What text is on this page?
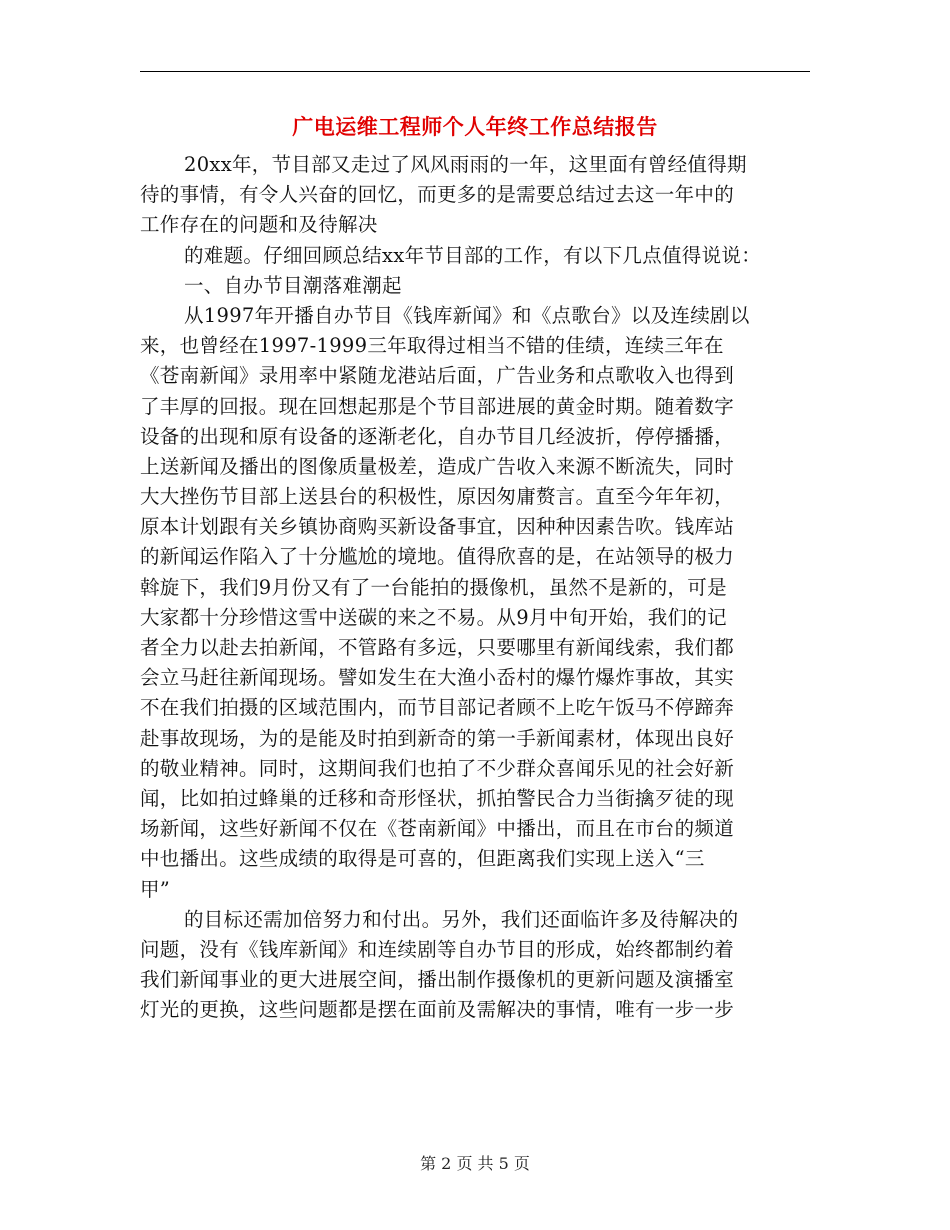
广电运维工程师个人年终工作总结报告
20xx年，节目部又走过了风风雨雨的一年，这里面有曾经值得期
待的事情，有令人兴奋的回忆，而更多的是需要总结过去这一年中的
工作存在的问题和及待解决
的难题。仔细回顾总结xx年节目部的工作，有以下几点值得说说：
一、自办节目潮落难潮起
从1997年开播自办节目《钱库新闻》和《点歌台》以及连续剧以
来，也曾经在1997-1999三年取得过相当不错的佳绩，连续三年在
《苍南新闻》录用率中紧随龙港站后面，广告业务和点歌收入也得到
了丰厚的回报。现在回想起那是个节目部进展的黄金时期。随着数字
设备的出现和原有设备的逐渐老化，自办节目几经波折，停停播播，
上送新闻及播出的图像质量极差，造成广告收入来源不断流失，同时
大大挫伤节目部上送县台的积极性，原因匆庸赘言。直至今年年初，
原本计划跟有关乡镇协商购买新设备事宜，因种种因素告吹。钱库站
的新闻运作陷入了十分尴尬的境地。值得欣喜的是，在站领导的极力
斡旋下，我们9月份又有了一台能拍的摄像机，虽然不是新的，可是
大家都十分珍惜这雪中送碳的来之不易。从9月中旬开始，我们的记
者全力以赴去拍新闻，不管路有多远，只要哪里有新闻线索，我们都
会立马赶往新闻现场。譬如发生在大渔小岙村的爆竹爆炸事故，其实
不在我们拍摄的区域范围内，而节目部记者顾不上吃午饭马不停蹄奔
赴事故现场，为的是能及时拍到新奇的第一手新闻素材，体现出良好
的敬业精神。同时，这期间我们也拍了不少群众喜闻乐见的社会好新
闻，比如拍过蜂巢的迁移和奇形怪状，抓拍警民合力当街擒歹徒的现
场新闻，这些好新闻不仅在《苍南新闻》中播出，而且在市台的频道
中也播出。这些成绩的取得是可喜的，但距离我们实现上送入“三
甲”
的目标还需加倍努力和付出。另外，我们还面临许多及待解决的
问题，没有《钱库新闻》和连续剧等自办节目的形成，始终都制约着
我们新闻事业的更大进展空间，播出制作摄像机的更新问题及演播室
灯光的更换，这些问题都是摆在面前及需解决的事情，唯有一步一步
第 2 页 共 5 页
